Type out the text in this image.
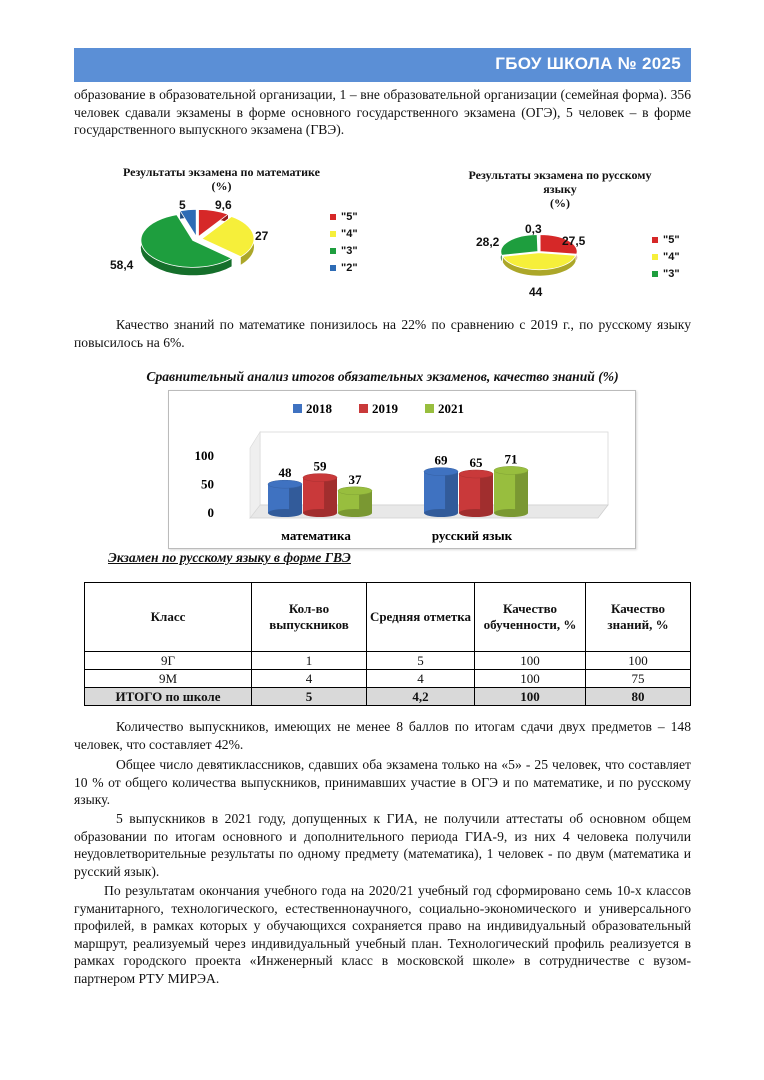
ГБОУ ШКОЛА № 2025
образование в образовательной организации, 1 – вне образовательной организации (семейная форма). 356 человек сдавали экзамены в форме основного государственного экзамена (ОГЭ), 5 человек – в форме государственного выпускного экзамена (ГВЭ).
Результаты экзамена по математике
(%)
9,6
27
58,4
5
"5"
"4"
"3"
"2"
Результаты экзамена по русскому
языку
(%)
27,5
44
28,2
0,3
"5"
"4"
"3"
Качество знаний по математике понизилось на 22% по сравнению с 2019 г., по русскому языку повысилось на 6%.
Сравнительный анализ итогов обязательных экзаменов, качество знаний (%)
0
50
100
2018	2019	2021
48 59
37
математика
69 65 71
русский язык
Экзамен по русскому языку в форме ГВЭ
Класс	Кол-во выпускников	Средняя отметка	Качество обученности, %	Качество знаний, %
9Г	1	5	100	100
9М	4	4	100	75
ИТОГО по школе	5	4,2	100	80
Количество выпускников, имеющих не менее 8 баллов по итогам сдачи двух предметов – 148 человек, что составляет 42%.
Общее число девятиклассников, сдавших оба экзамена только на «5» - 25 человек, что составляет 10 % от общего количества выпускников, принимавших участие в ОГЭ и по математике, и по русскому языку.
5 выпускников в 2021 году, допущенных к ГИА, не получили аттестаты об основном общем образовании по итогам основного и дополнительного периода ГИА-9, из них 4 человека получили неудовлетворительные результаты по одному предмету (математика), 1 человек - по двум (математика и русский язык).
По результатам окончания учебного года на 2020/21 учебный год сформировано семь 10-х классов гуманитарного, технологического, естественнонаучного, социально-экономического и универсального профилей, в рамках которых у обучающихся сохраняется право на индивидуальный образовательный маршрут, реализуемый через индивидуальный учебный план. Технологический профиль реализуется в рамках городского проекта «Инженерный класс в московской школе» в сотрудничестве с вузом-партнером РТУ МИРЭА.
